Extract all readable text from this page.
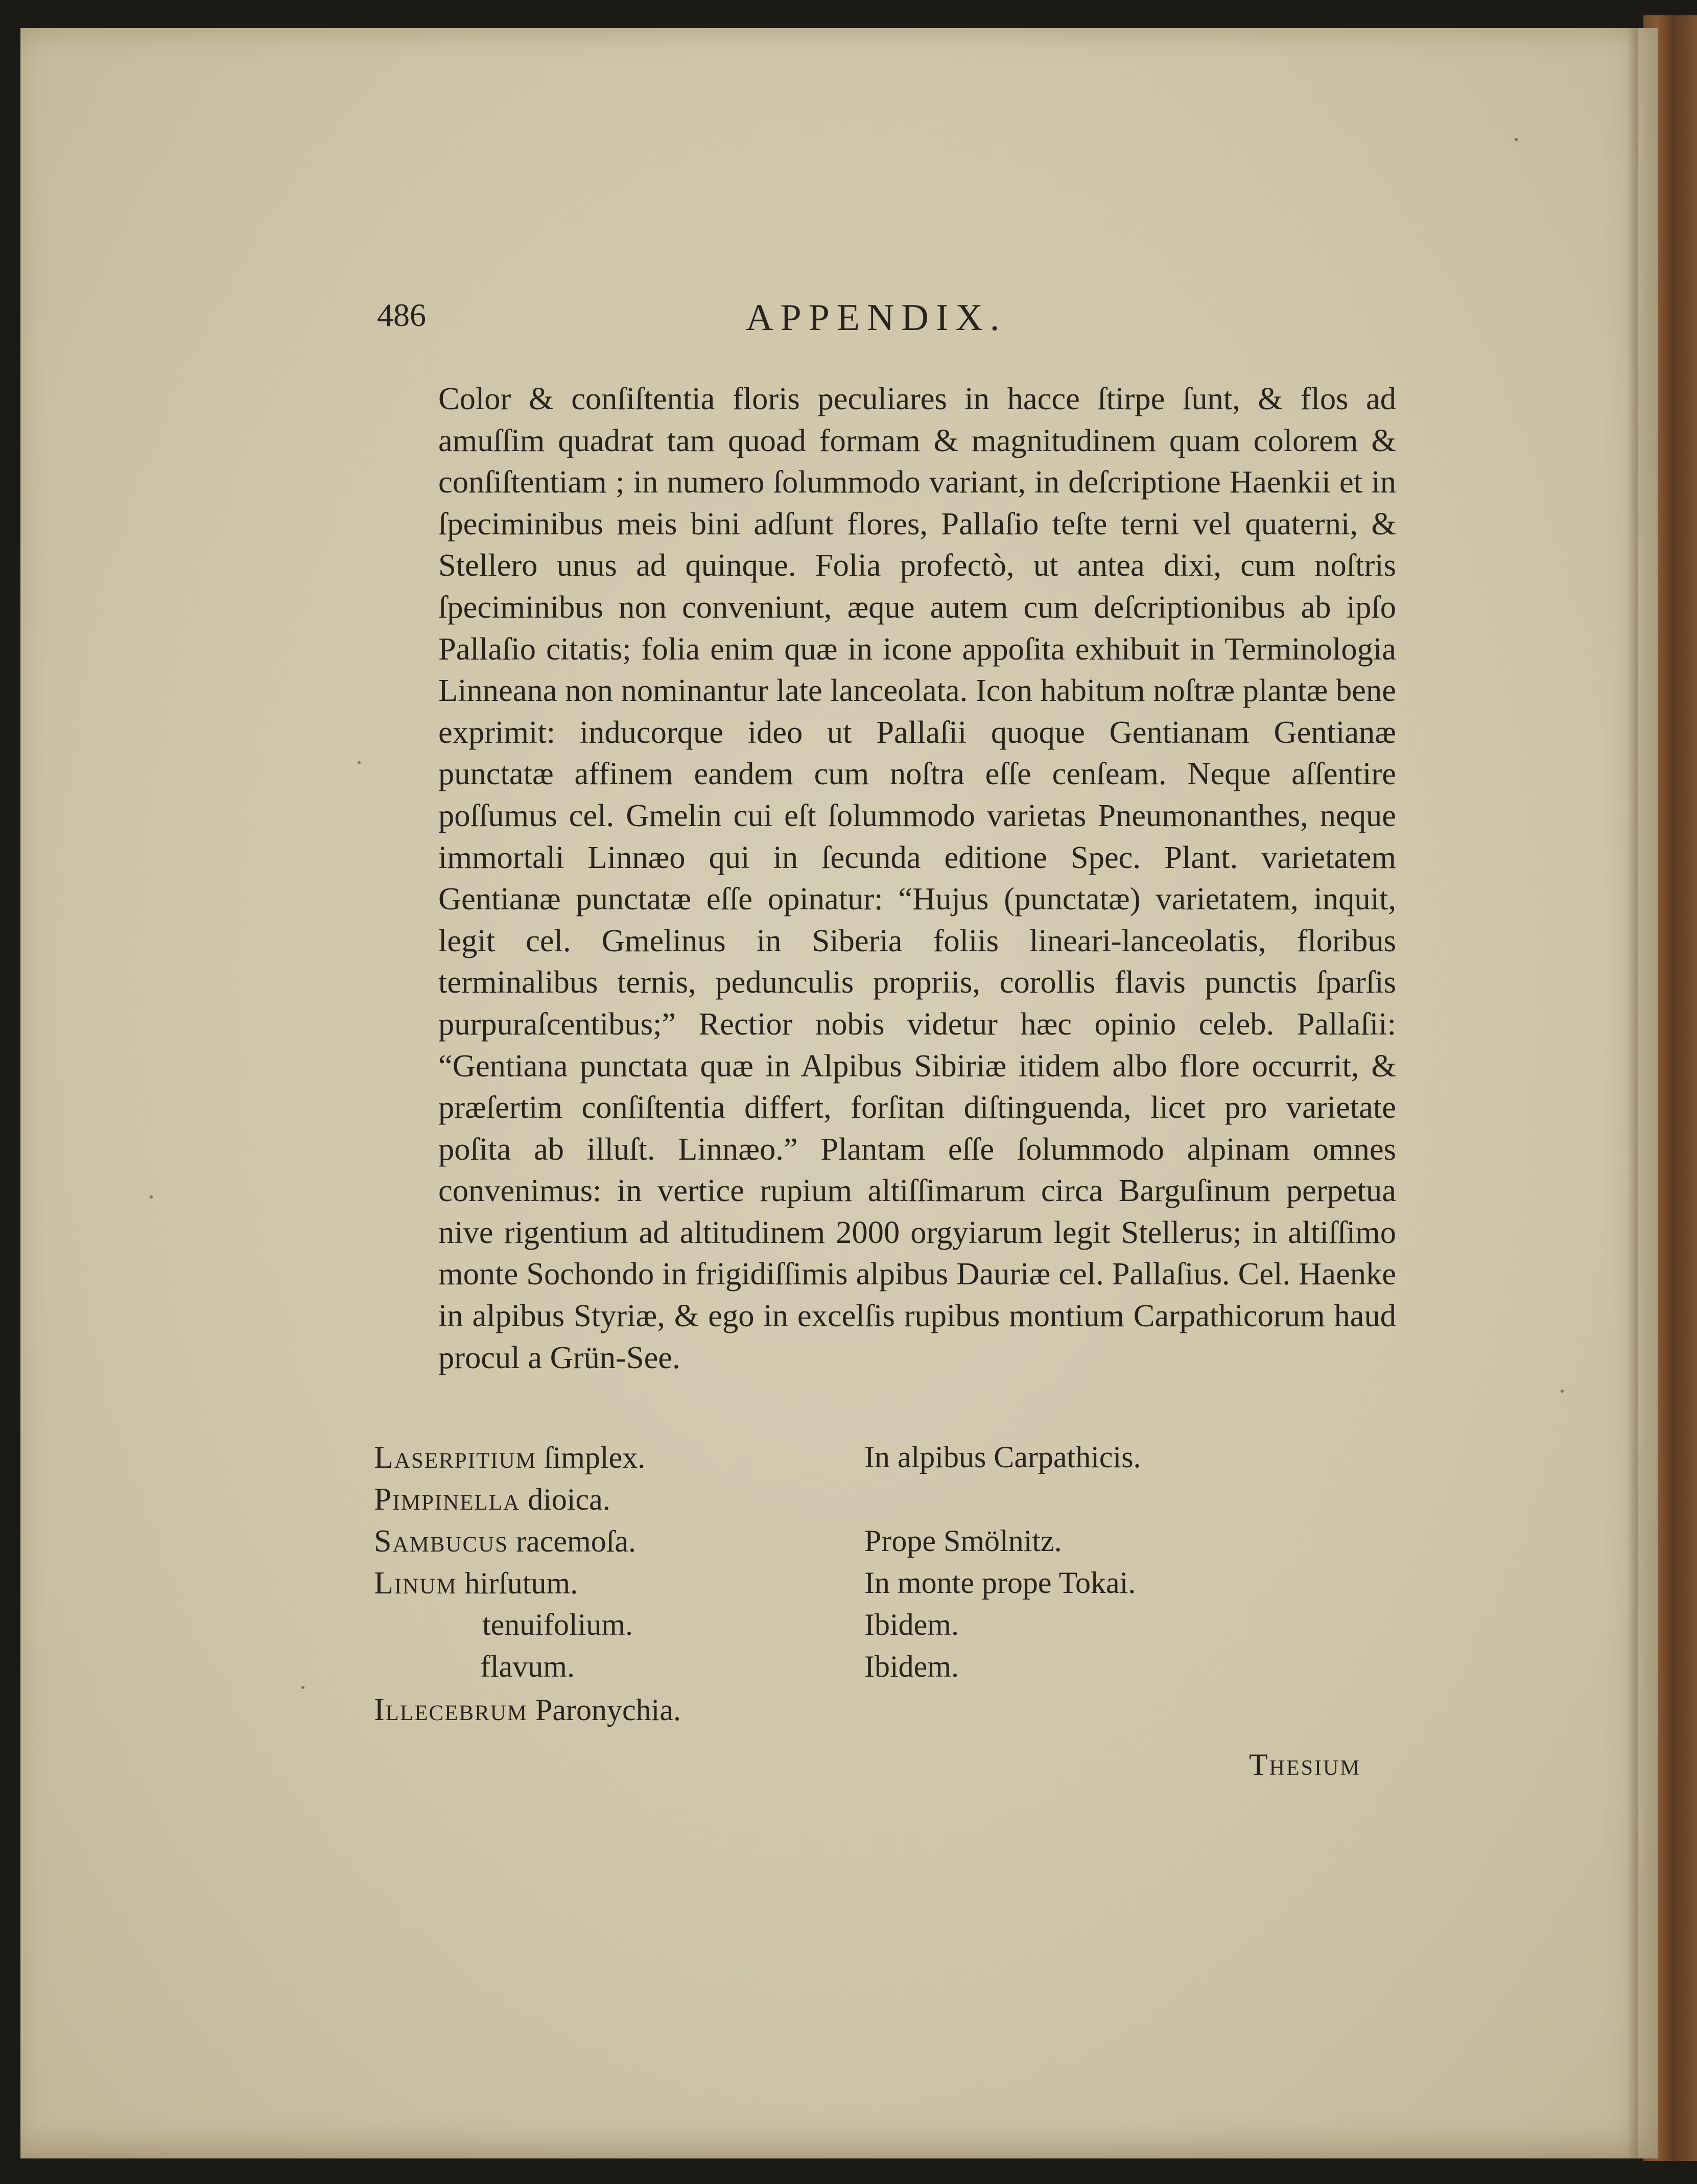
486	APPENDIX.
Color & conſiſtentia floris peculiares in hacce ſtirpe ſunt, & flos ad amuſſim quadrat tam quoad formam & magnitudinem quam colorem & conſiſtentiam ; in numero ſolummodo variant, in deſcriptione Haenkii et in ſpeciminibus meis bini adſunt flores, Pallaſio teſte terni vel quaterni, & Stellero unus ad quinque. Folia profectò, ut antea dixi, cum noſtris ſpeciminibus non conveniunt, æque autem cum deſcriptionibus ab ipſo Pallaſio citatis; folia enim quæ in icone appoſita exhibuit in Terminologia Linneana non nominantur late lanceolata. Icon habitum noſtræ plantæ bene exprimit: inducorque ideo ut Pallaſii quoque Gentianam Gentianæ punctatæ affinem eandem cum noſtra eſſe cenſeam. Neque aſſentire poſſumus cel. Gmelin cui eſt ſolummodo varietas Pneumonanthes, neque immortali Linnæo qui in ſecunda editione Spec. Plant. varietatem Gentianæ punctatæ eſſe opinatur: “Hujus (punctatæ) varietatem, inquit, legit cel. Gmelinus in Siberia foliis lineari-lanceolatis, floribus terminalibus ternis, pedunculis propriis, corollis flavis punctis ſparſis purpuraſcentibus;” Rectior nobis videtur hæc opinio celeb. Pallaſii: “Gentiana punctata quæ in Alpibus Sibiriæ itidem albo flore occurrit, & præſertim conſiſtentia differt, forſitan diſtinguenda, licet pro varietate poſita ab illuſt. Linnæo.” Plantam eſſe ſolummodo alpinam omnes convenimus: in vertice rupium altiſſimarum circa Barguſinum perpetua nive rigentium ad altitudinem 2000 orgyiarum legit Stellerus; in altiſſimo monte Sochondo in frigidiſſimis alpibus Dauriæ cel. Pallaſius. Cel. Haenke in alpibus Styriæ, & ego in excelſis rupibus montium Carpathicorum haud procul a Grün-See.
Laserpitium ſimplex.	In alpibus Carpathicis.
Pimpinella dioica.
Sambucus racemoſa.	Prope Smölnitz.
Linum hirſutum.	In monte prope Tokai.
tenuifolium.	Ibidem.
flavum.	Ibidem.
Illecebrum Paronychia.
Thesium
